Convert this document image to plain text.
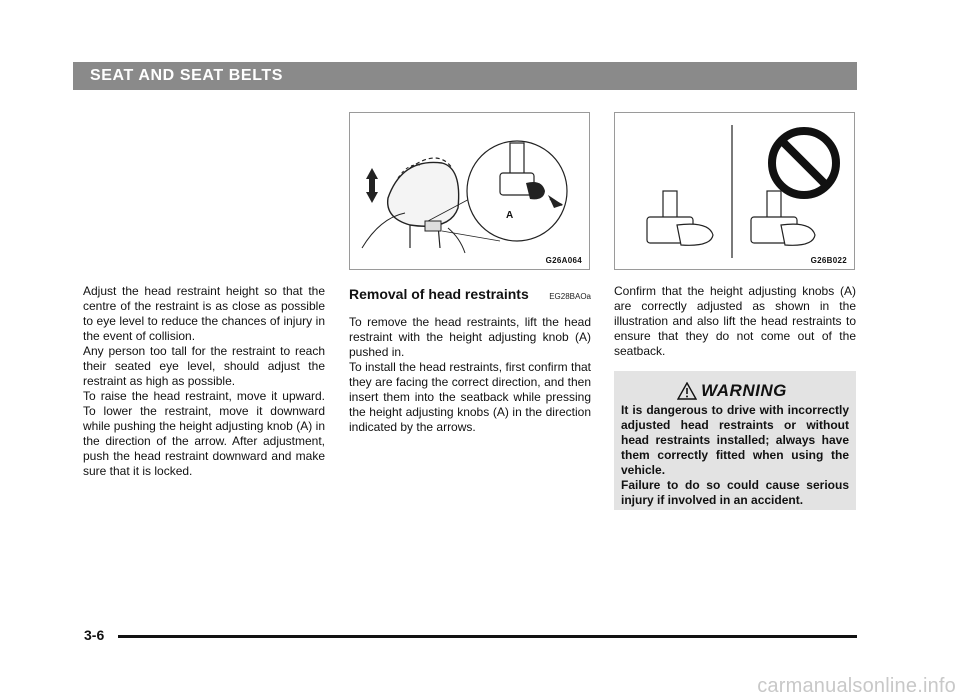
SEAT AND SEAT BELTS
A
G26A064	G26B022

Adjust the head restraint height so that the centre of the restraint is as close as possible to eye level to reduce the chances of injury in the event of collision.

Any person too tall for the restraint to reach their seated eye level, should adjust the restraint as high as possible.

To raise the head restraint, move it upward. To lower the restraint, move it downward while pushing the height adjusting knob (A) in the direction of the arrow. After adjustment, push the head restraint downward and make sure that it is locked.

Removal of head restraints	EG28BAOa

To remove the head restraints, lift the head restraint with the height adjusting knob (A) pushed in.

To install the head restraints, first confirm that they are facing the correct direction, and then insert them into the seatback while pressing the height adjusting knobs (A) in the direction indicated by the arrows.

Confirm that the height adjusting knobs (A) are correctly adjusted as shown in the illustration and also lift the head restraints to ensure that they do not come out of the seatback.

WARNING

It is dangerous to drive with incorrectly adjusted head restraints or without head restraints installed; always have them correctly fitted when using the vehicle.

Failure to do so could cause serious injury if involved in an accident.

3-6
carmanualsonline.info
